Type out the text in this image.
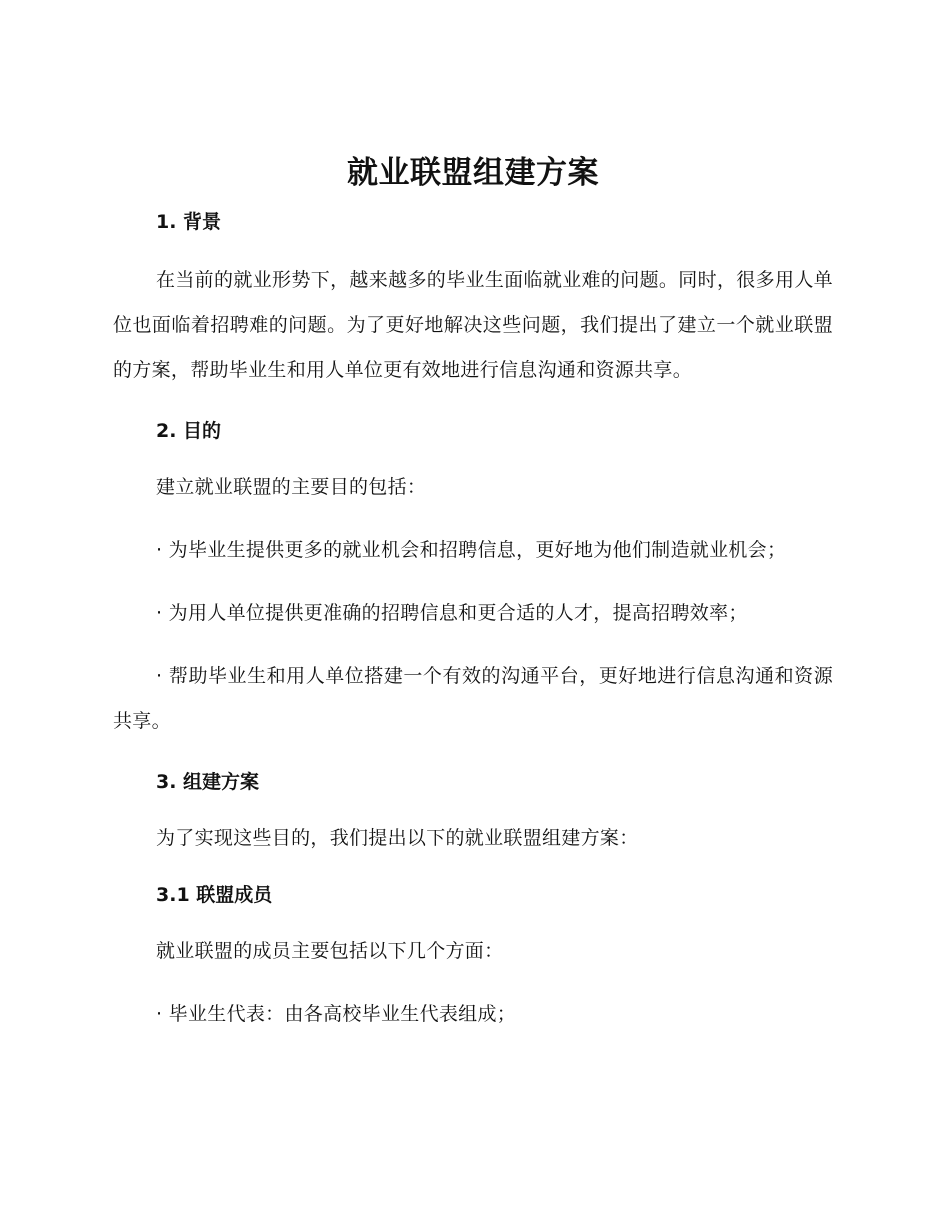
就业联盟组建方案
1. 背景

在当前的就业形势下，越来越多的毕业生面临就业难的问题。同时，很多用人单位也面临着招聘难的问题。为了更好地解决这些问题，我们提出了建立一个就业联盟的方案，帮助毕业生和用人单位更有效地进行信息沟通和资源共享。

2. 目的

建立就业联盟的主要目的包括：

· 为毕业生提供更多的就业机会和招聘信息，更好地为他们制造就业机会；

· 为用人单位提供更准确的招聘信息和更合适的人才，提高招聘效率；

· 帮助毕业生和用人单位搭建一个有效的沟通平台，更好地进行信息沟通和资源共享。

3. 组建方案

为了实现这些目的，我们提出以下的就业联盟组建方案：

3.1 联盟成员

就业联盟的成员主要包括以下几个方面：

· 毕业生代表：由各高校毕业生代表组成；
